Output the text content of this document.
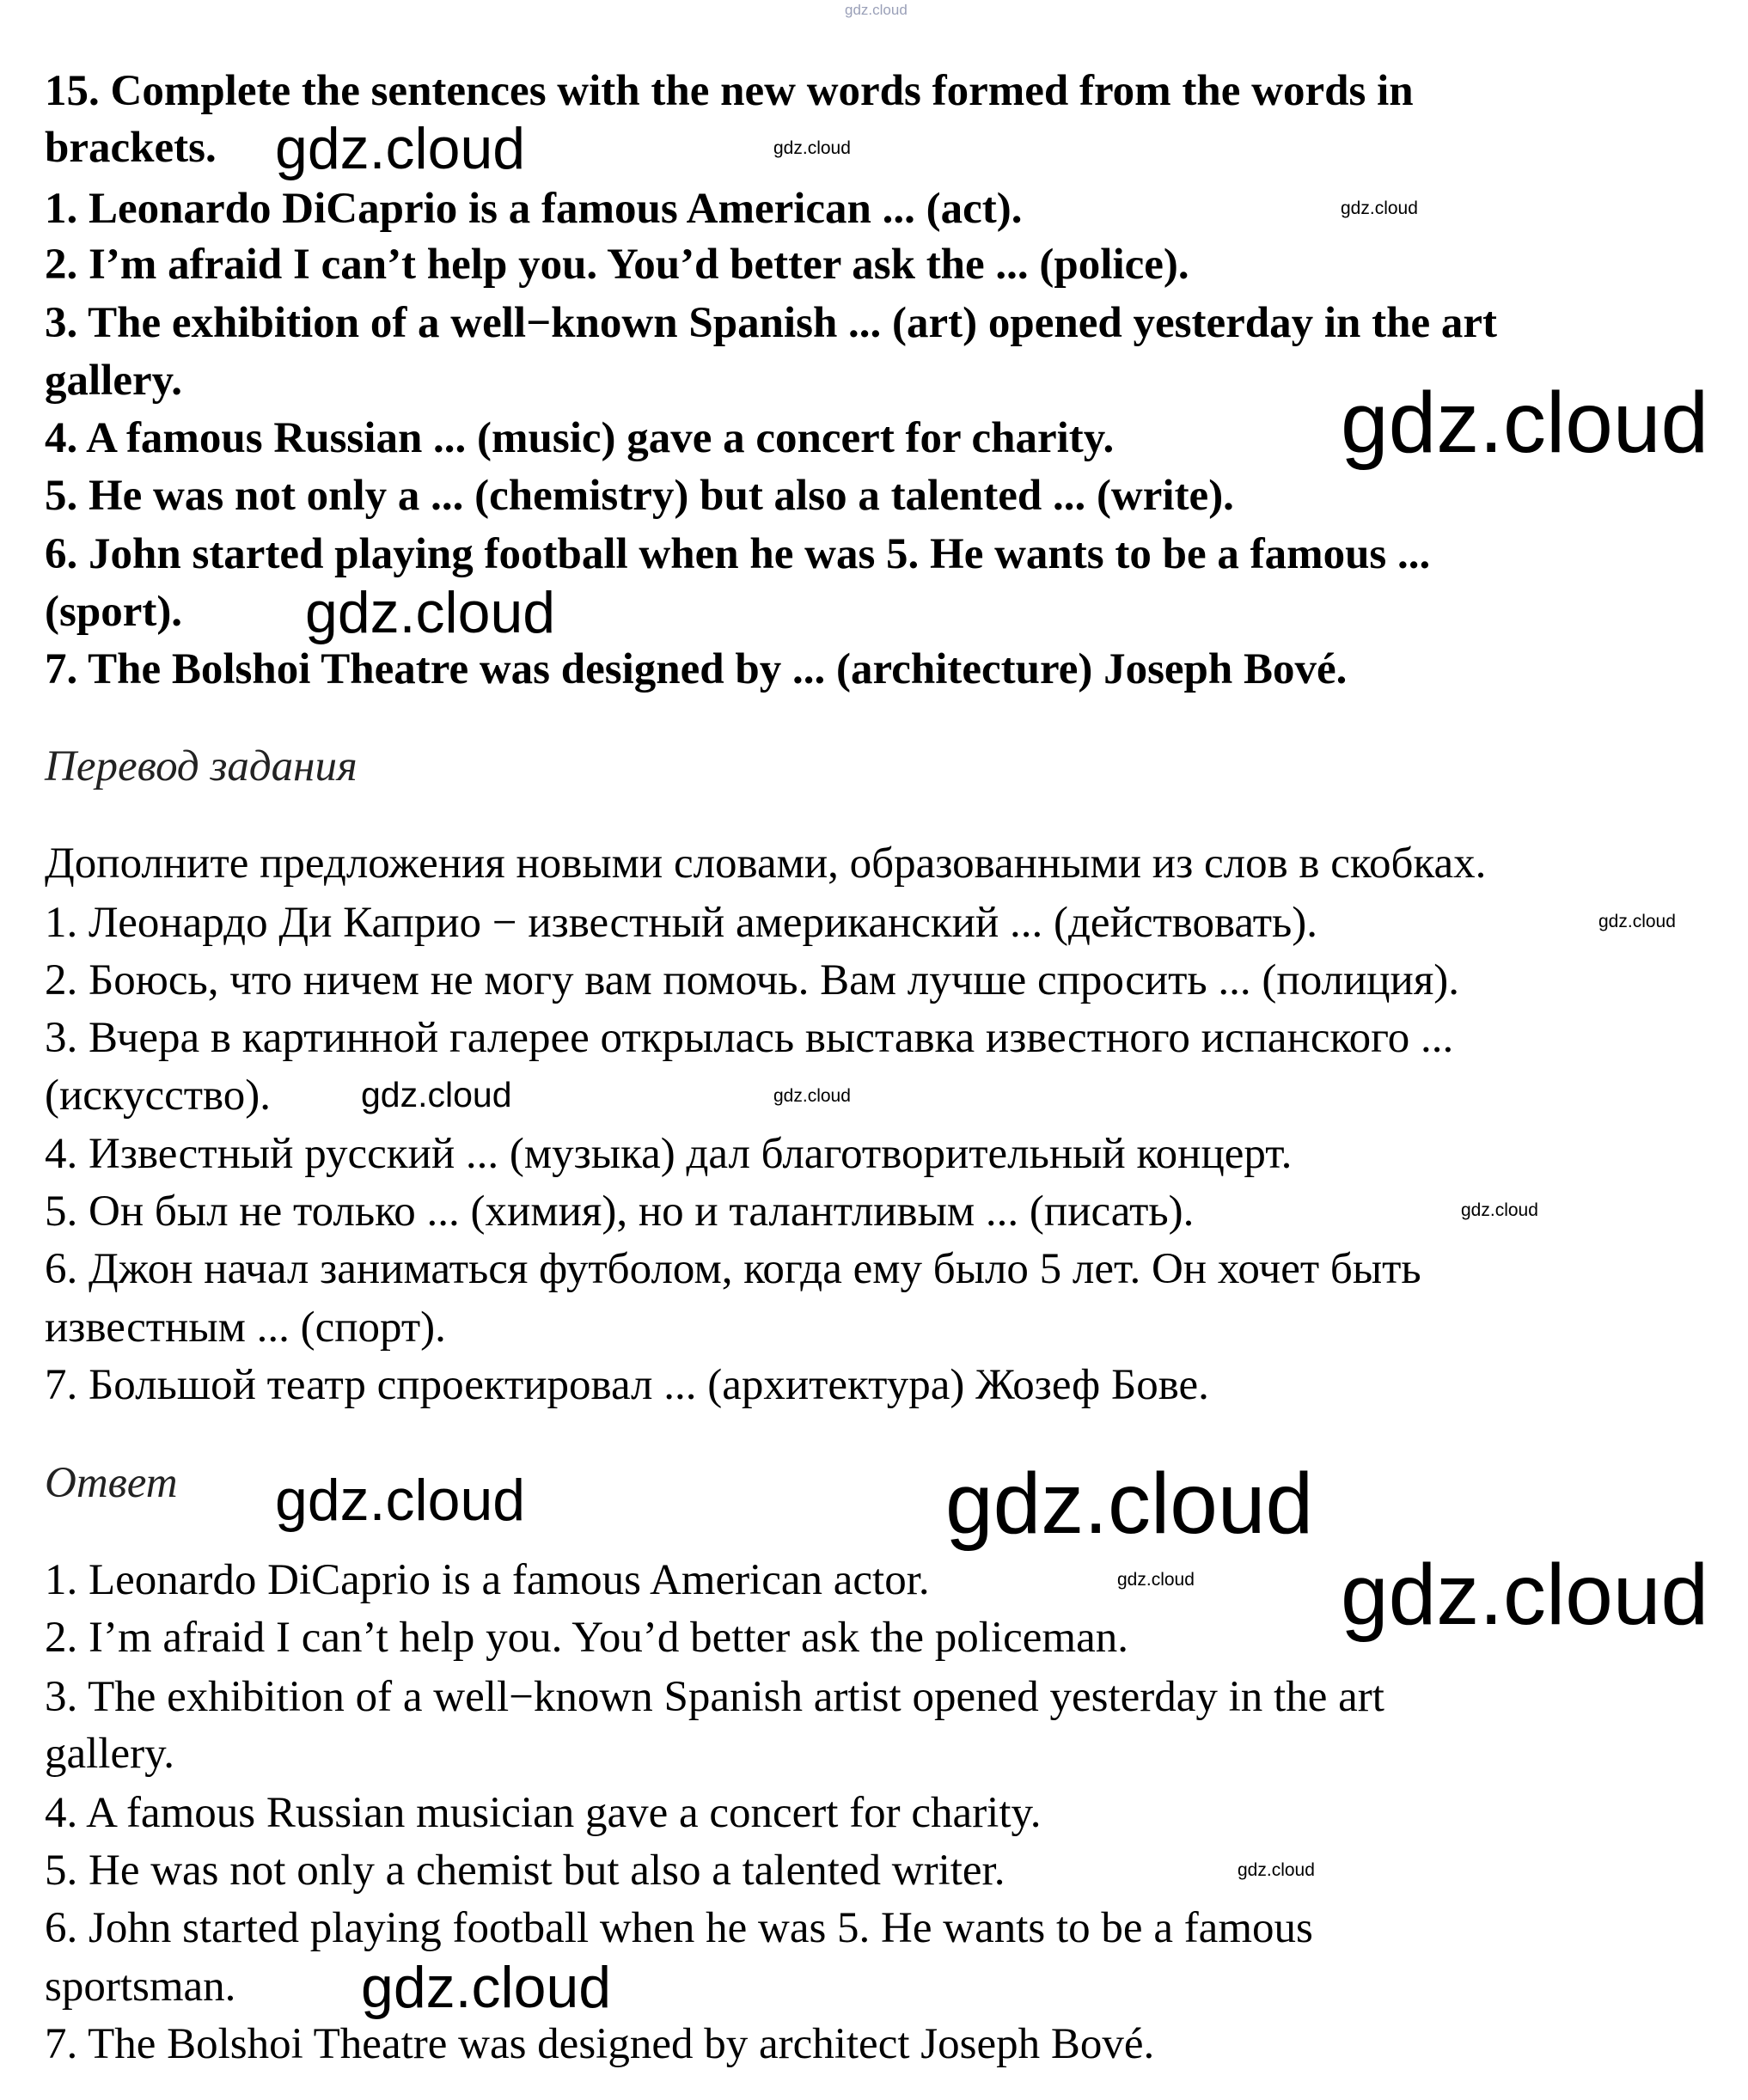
15. Complete the sentences with the new words formed from the words in
brackets.
1. Leonardo DiCaprio is a famous American ... (act).
2. I’m afraid I can’t help you. You’d better ask the ... (police).
3. The exhibition of a well−known Spanish ... (art) opened yesterday in the art
gallery.
4. A famous Russian ... (music) gave a concert for charity.
5. He was not only a ... (chemistry) but also a talented ... (write).
6. John started playing football when he was 5. He wants to be a famous ...
(sport).
7. The Bolshoi Theatre was designed by ... (architecture) Joseph Bové.
Перевод задания
Дополните предложения новыми словами, образованными из слов в скобках.
1. Леонардо Ди Каприо − известный американский ... (действовать).
2. Боюсь, что ничем не могу вам помочь. Вам лучше спросить ... (полиция).
3. Вчера в картинной галерее открылась выставка известного испанского ...
(искусство).
4. Известный русский ... (музыка) дал благотворительный концерт.
5. Он был не только ... (химия), но и талантливым ... (писать).
6. Джон начал заниматься футболом, когда ему было 5 лет. Он хочет быть
известным ... (спорт).
7. Большой театр спроектировал ... (архитектура) Жозеф Бове.
Ответ
1. Leonardo DiCaprio is a famous American actor.
2. I’m afraid I can’t help you. You’d better ask the policeman.
3. The exhibition of a well−known Spanish artist opened yesterday in the art
gallery.
4. A famous Russian musician gave a concert for charity.
5. He was not only a chemist but also a talented writer.
6. John started playing football when he was 5. He wants to be a famous
sportsman.
7. The Bolshoi Theatre was designed by architect Joseph Bové.
gdz.cloud
gdz.cloud
gdz.cloud
gdz.cloud
gdz.cloud
gdz.cloud
gdz.cloud
gdz.cloud
gdz.cloud
gdz.cloud
gdz.cloud
gdz.cloud
gdz.cloud
gdz.cloud
gdz.cloud
gdz.cloud
